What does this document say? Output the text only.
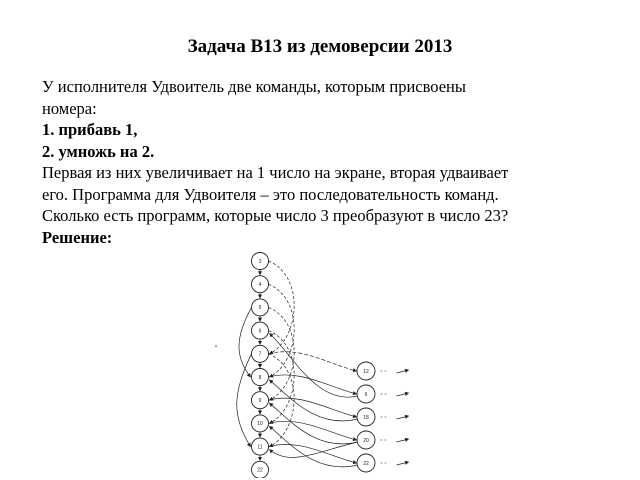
Задача B13 из демоверсии 2013

У исполнителя Удвоитель две команды, которым присвоены

номера:

1. прибавь 1,

2. умножь на 2.

Первая из них увеличивает на 1 число на экране, вторая удваивает

его. Программа для Удвоителя – это последовательность команд.

Сколько есть программ, которые число 3 преобразуют в число 23?

Решение:

3
4
5
6
7
8
9
10
11
22
12
6
18
20
22
